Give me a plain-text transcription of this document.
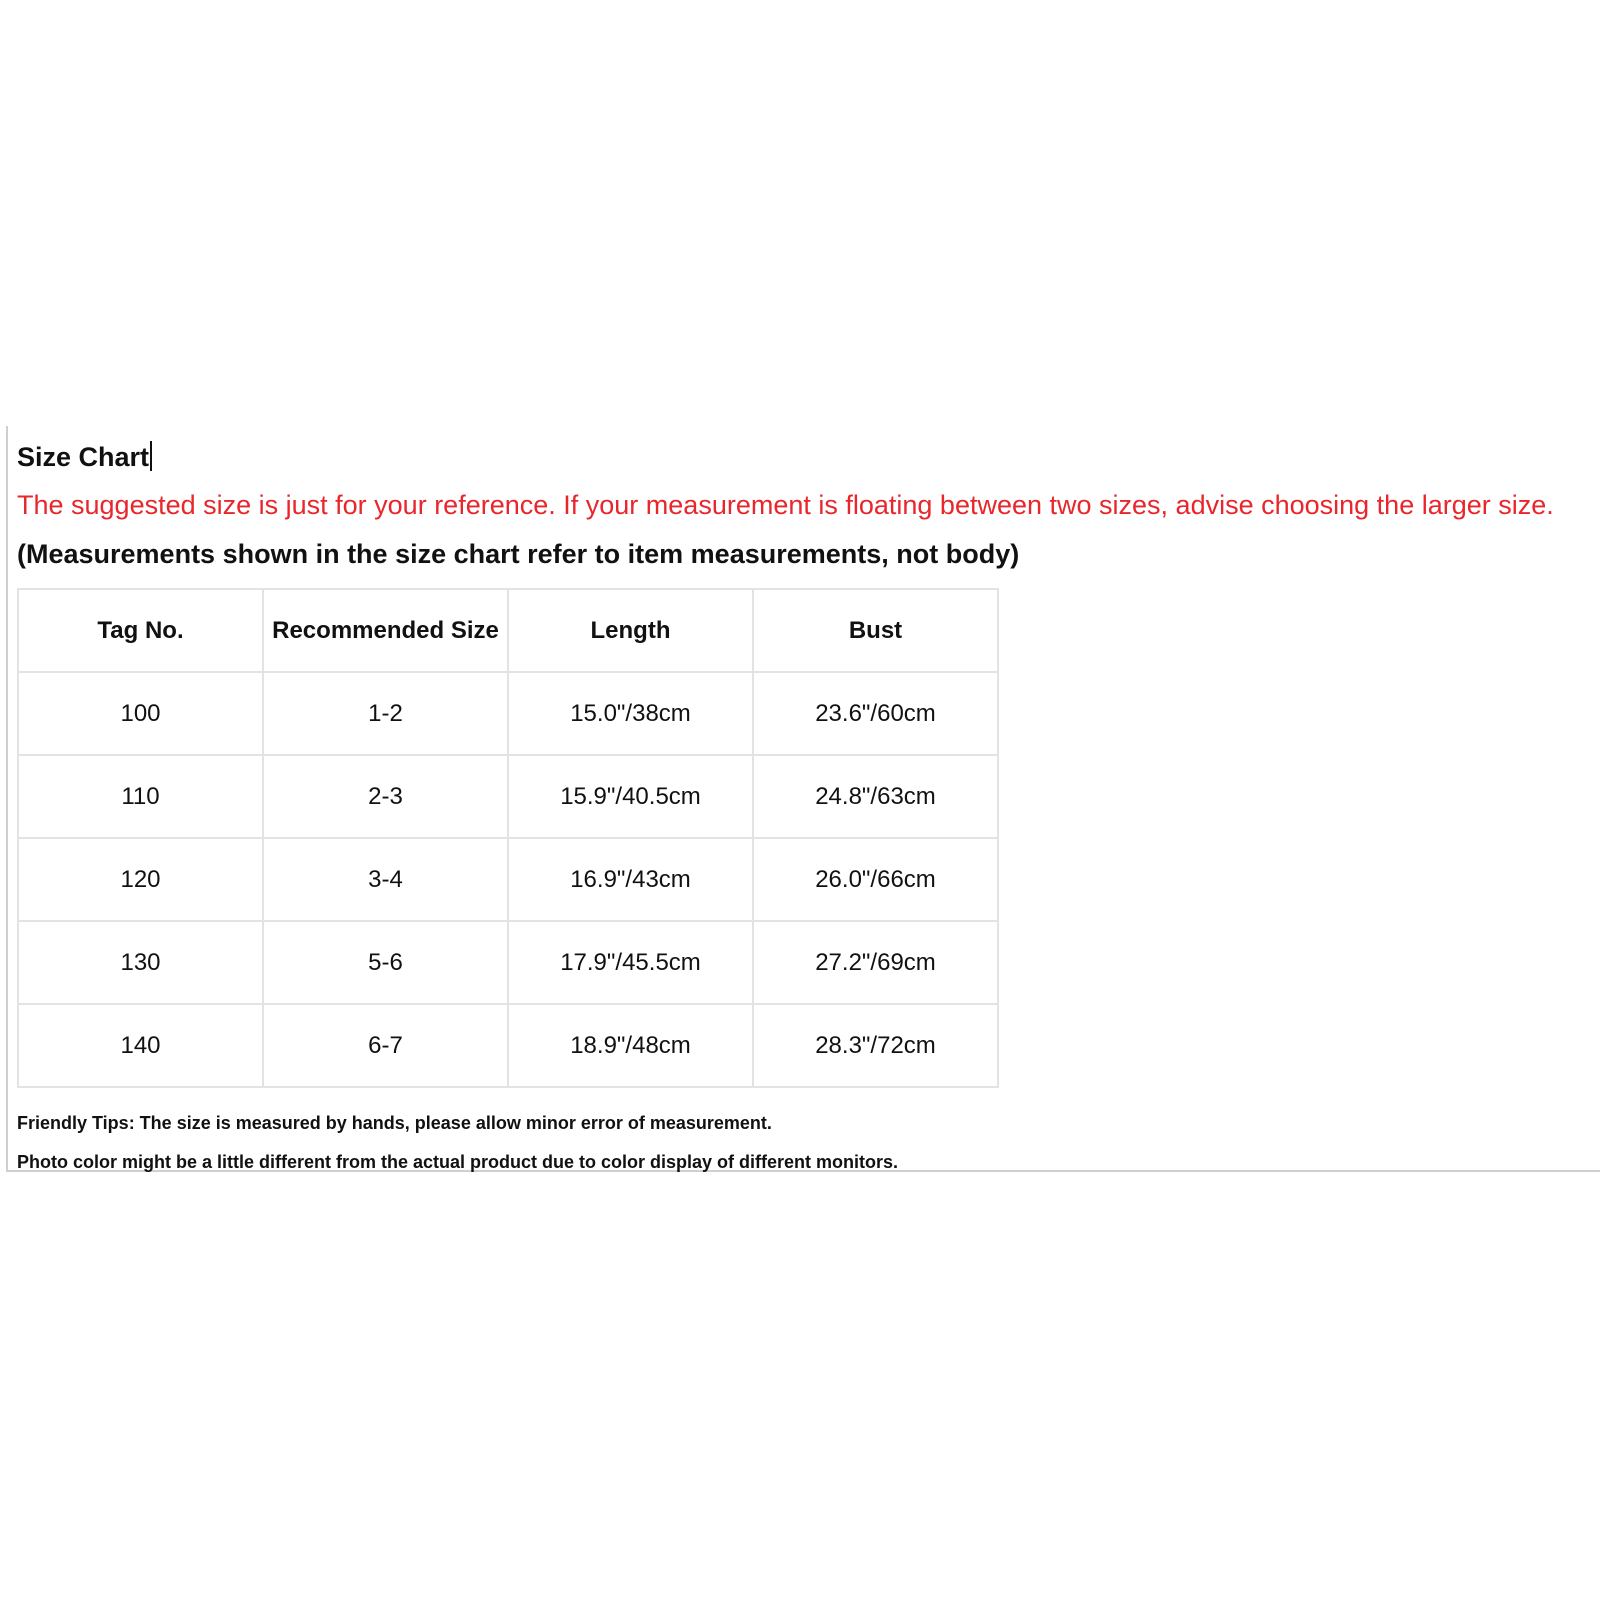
Size Chart
The suggested size is just for your reference. If your measurement is floating between two sizes, advise choosing the larger size.
(Measurements shown in the size chart refer to item measurements, not body)
Tag No.	Recommended Size	Length	Bust
100	1-2	15.0"/38cm	23.6"/60cm
110	2-3	15.9"/40.5cm	24.8"/63cm
120	3-4	16.9"/43cm	26.0"/66cm
130	5-6	17.9"/45.5cm	27.2"/69cm
140	6-7	18.9"/48cm	28.3"/72cm
Friendly Tips: The size is measured by hands, please allow minor error of measurement.
Photo color might be a little different from the actual product due to color display of different monitors.
